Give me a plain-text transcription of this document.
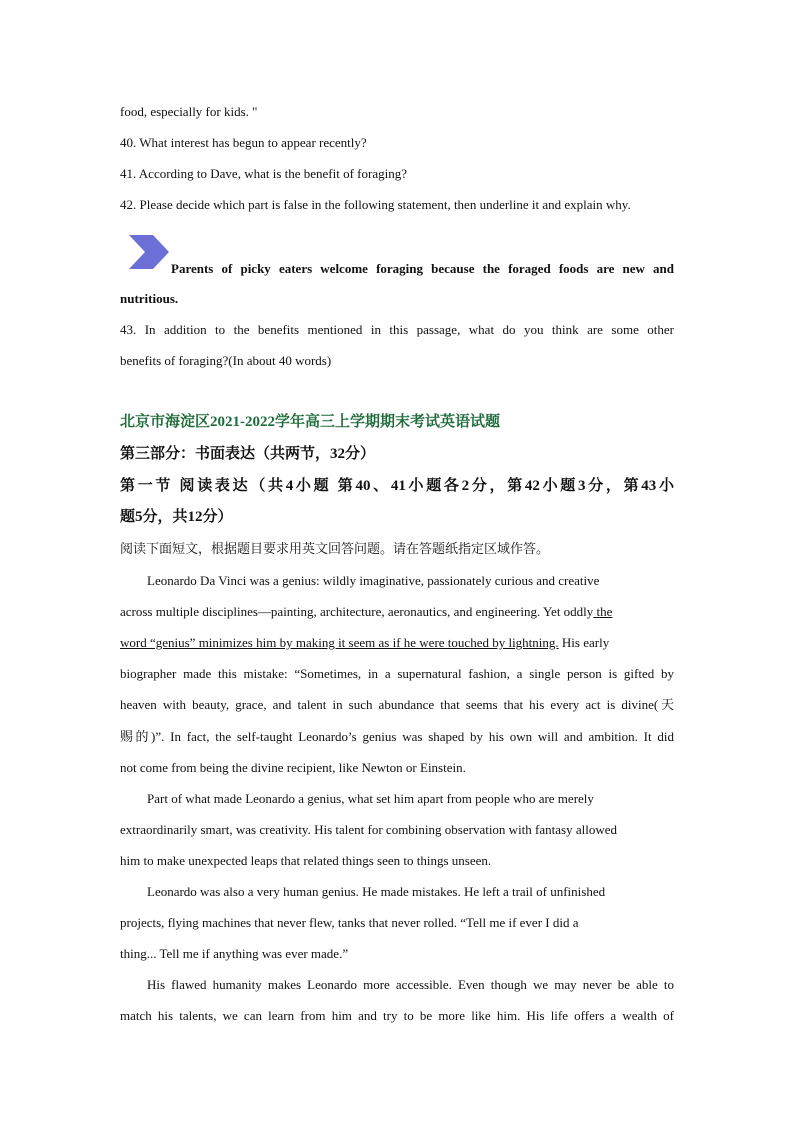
food, especially for kids. "
40. What interest has begun to appear recently?
41. According to Dave, what is the benefit of foraging?
42. Please decide which part is false in the following statement, then underline it and explain why.
Parents of picky eaters welcome foraging because the foraged foods are new and
nutritious.
43. In addition to the benefits mentioned in this passage, what do you think are some other
benefits of foraging?(In about 40 words)
北京市海淀区2021-2022学年高三上学期期末考试英语试题
第三部分：书面表达（共两节，32分）
第一节 阅读表达（共4小题 第40、41小题各2分，第42小题3分，第43小
题5分，共12分）
阅读下面短文，根据题目要求用英文回答问题。请在答题纸指定区域作答。
Leonardo Da Vinci was a genius: wildly imaginative, passionately curious and creative
across multiple disciplines—painting, architecture, aeronautics, and engineering. Yet oddly the
word “genius” minimizes him by making it seem as if he were touched by lightning. His early
biographer made this mistake: “Sometimes, in a supernatural fashion, a single person is gifted by
heaven with beauty, grace, and talent in such abundance that seems that his every act is divine(天
赐的)”. In fact, the self-taught Leonardo’s genius was shaped by his own will and ambition. It did
not come from being the divine recipient, like Newton or Einstein.
Part of what made Leonardo a genius, what set him apart from people who are merely
extraordinarily smart, was creativity. His talent for combining observation with fantasy allowed
him to make unexpected leaps that related things seen to things unseen.
Leonardo was also a very human genius. He made mistakes. He left a trail of unfinished
projects, flying machines that never flew, tanks that never rolled. “Tell me if ever I did a
thing... Tell me if anything was ever made.”
His flawed humanity makes Leonardo more accessible. Even though we may never be able to
match his talents, we can learn from him and try to be more like him. His life offers a wealth of
